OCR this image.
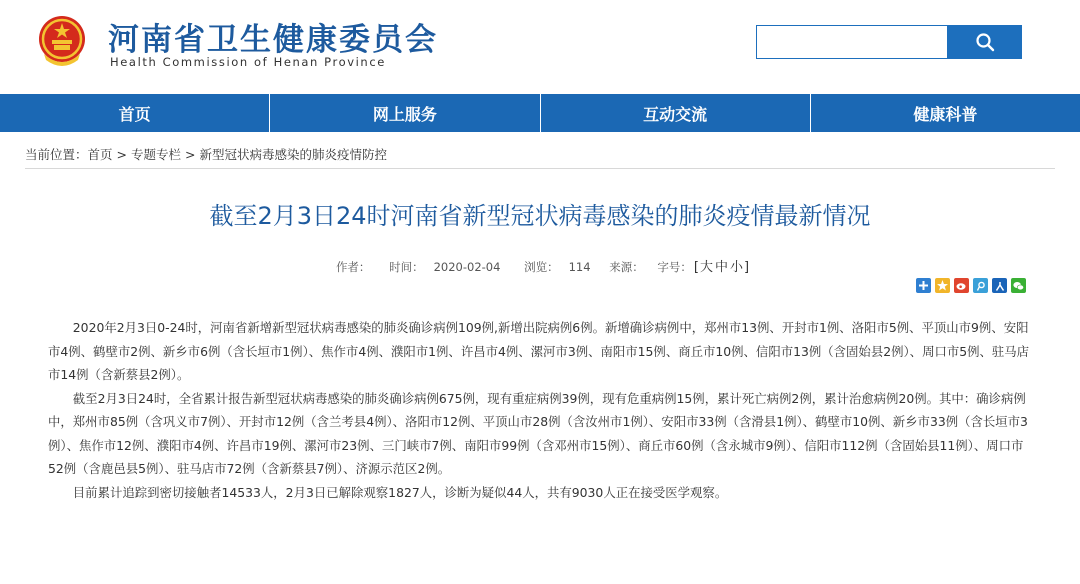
河南省卫生健康委员会
Health Commission of Henan Province
首页	网上服务	互动交流	健康科普
当前位置：首页 > 专题专栏 > 新型冠状病毒感染的肺炎疫情防控
截至2月3日24时河南省新型冠状病毒感染的肺炎疫情最新情况
作者： 时间： 2020-02-04 浏览： 114 来源： 字号： [大 中 小]

2020年2月3日0-24时，河南省新增新型冠状病毒感染的肺炎确诊病例109例,新增出院病例6例。新增确诊病例中，郑州市13例、开封市1例、洛阳市5例、平顶山市9例、安阳市4例、鹤壁市2例、新乡市6例（含长垣市1例）、焦作市4例、濮阳市1例、许昌市4例、漯河市3例、南阳市15例、商丘市10例、信阳市13例（含固始县2例）、周口市5例、驻马店市14例（含新蔡县2例）。

截至2月3日24时，全省累计报告新型冠状病毒感染的肺炎确诊病例675例，现有重症病例39例，现有危重病例15例，累计死亡病例2例，累计治愈病例20例。其中：确诊病例中，郑州市85例（含巩义市7例）、开封市12例（含兰考县4例）、洛阳市12例、平顶山市28例（含汝州市1例）、安阳市33例（含滑县1例）、鹤壁市10例、新乡市33例（含长垣市3例）、焦作市12例、濮阳市4例、许昌市19例、漯河市23例、三门峡市7例、南阳市99例（含邓州市15例）、商丘市60例（含永城市9例）、信阳市112例（含固始县11例）、周口市52例（含鹿邑县5例）、驻马店市72例（含新蔡县7例）、济源示范区2例。

目前累计追踪到密切接触者14533人，2月3日已解除观察1827人，诊断为疑似44人，共有9030人正在接受医学观察。
